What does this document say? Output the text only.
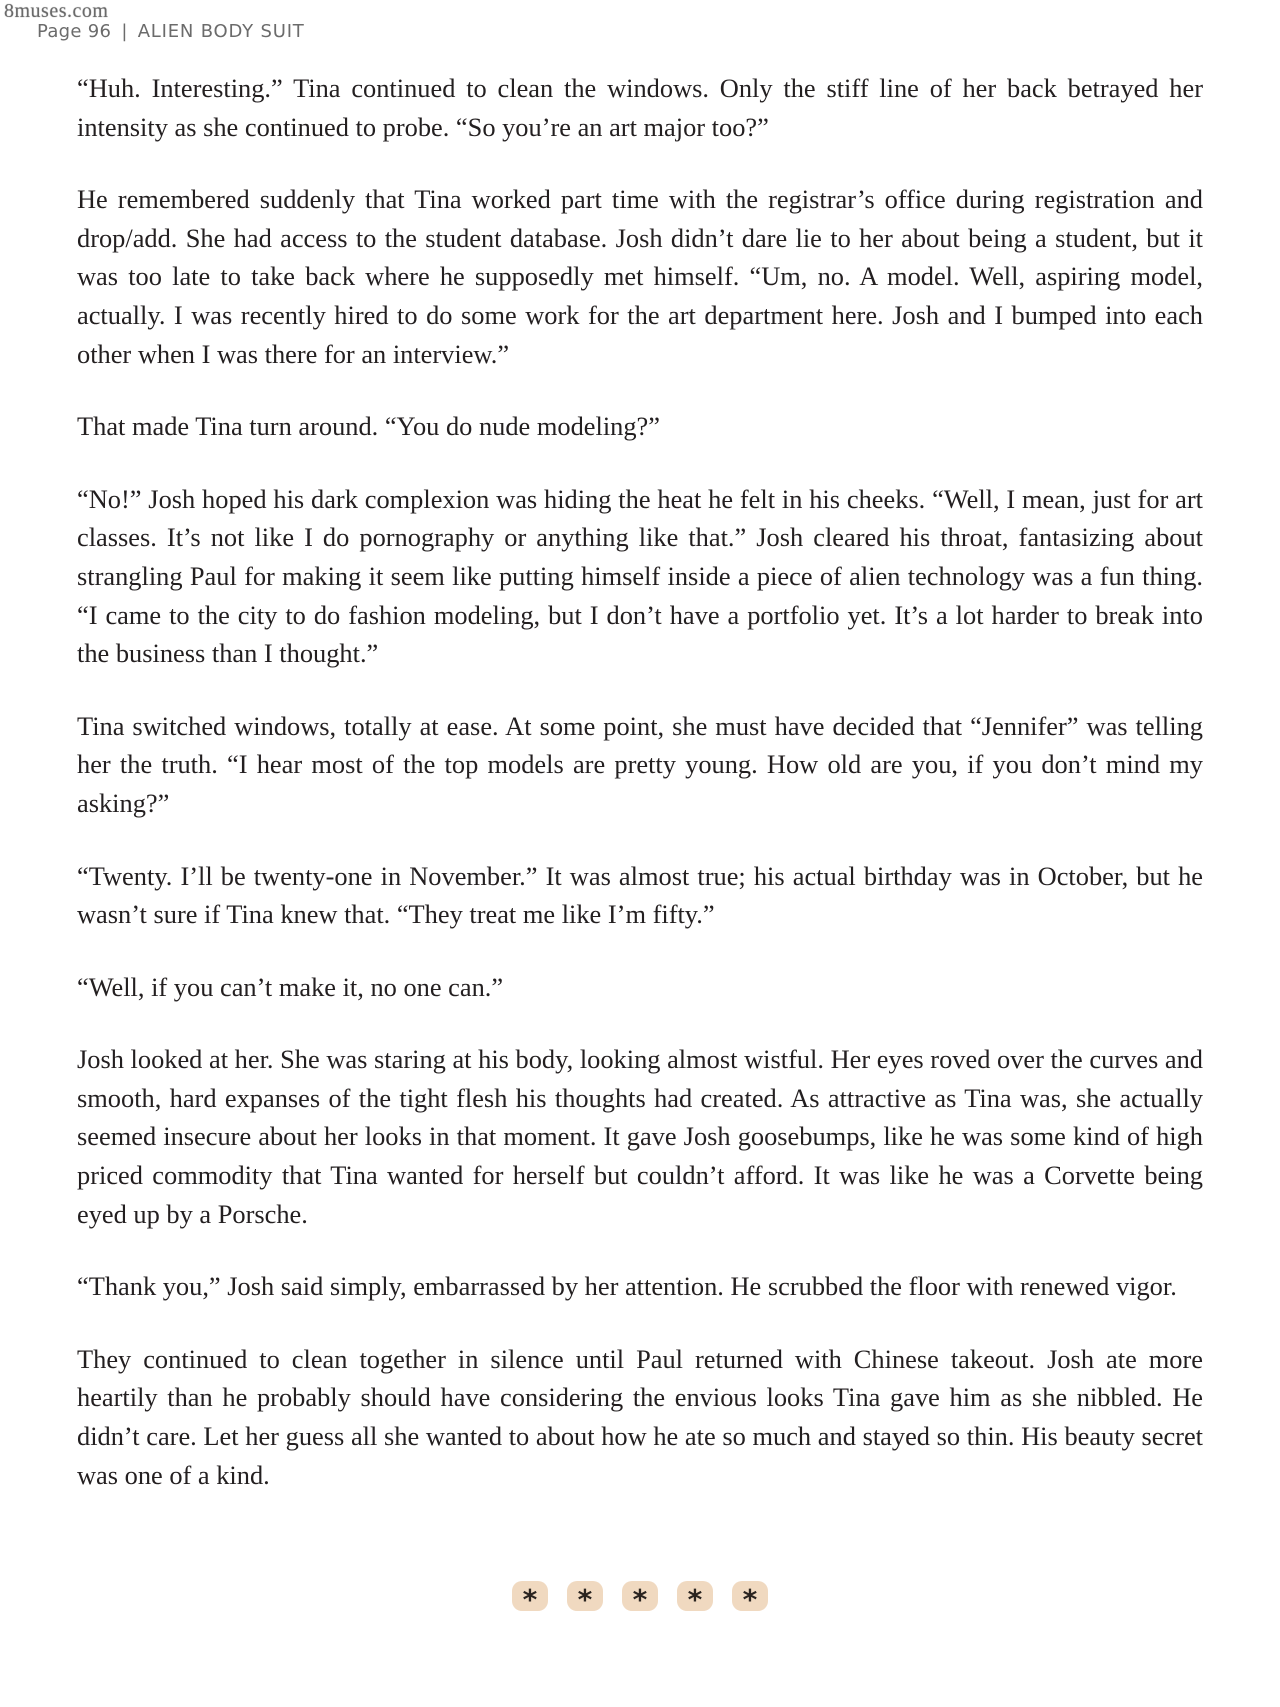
8muses.com
Page 96 | ALIEN BODY SUIT

“Huh. Interesting.” Tina continued to clean the windows. Only the stiff line of her back betrayed her intensity as she continued to probe. “So you’re an art major too?”

He remembered suddenly that Tina worked part time with the registrar’s office during registration and drop/add. She had access to the student database. Josh didn’t dare lie to her about being a student, but it was too late to take back where he supposedly met himself. “Um, no. A model. Well, aspiring model, actually. I was recently hired to do some work for the art department here. Josh and I bumped into each other when I was there for an interview.”

That made Tina turn around. “You do nude modeling?”

“No!” Josh hoped his dark complexion was hiding the heat he felt in his cheeks. “Well, I mean, just for art classes. It’s not like I do pornography or anything like that.” Josh cleared his throat, fantasizing about strangling Paul for making it seem like putting himself inside a piece of alien technology was a fun thing. “I came to the city to do fashion modeling, but I don’t have a portfolio yet. It’s a lot harder to break into the business than I thought.”

Tina switched windows, totally at ease. At some point, she must have decided that “Jennifer” was telling her the truth. “I hear most of the top models are pretty young. How old are you, if you don’t mind my asking?”

“Twenty. I’ll be twenty-one in November.” It was almost true; his actual birthday was in October, but he wasn’t sure if Tina knew that. “They treat me like I’m fifty.”

“Well, if you can’t make it, no one can.”

Josh looked at her. She was staring at his body, looking almost wistful. Her eyes roved over the curves and smooth, hard expanses of the tight flesh his thoughts had created. As attractive as Tina was, she actually seemed insecure about her looks in that moment. It gave Josh goosebumps, like he was some kind of high priced commodity that Tina wanted for herself but couldn’t afford. It was like he was a Corvette being eyed up by a Porsche.

“Thank you,” Josh said simply, embarrassed by her attention. He scrubbed the floor with renewed vigor.

They continued to clean together in silence until Paul returned with Chinese takeout. Josh ate more heartily than he probably should have considering the envious looks Tina gave him as she nibbled. He didn’t care. Let her guess all she wanted to about how he ate so much and stayed so thin. His beauty secret was one of a kind.

*	*	*	*	*
